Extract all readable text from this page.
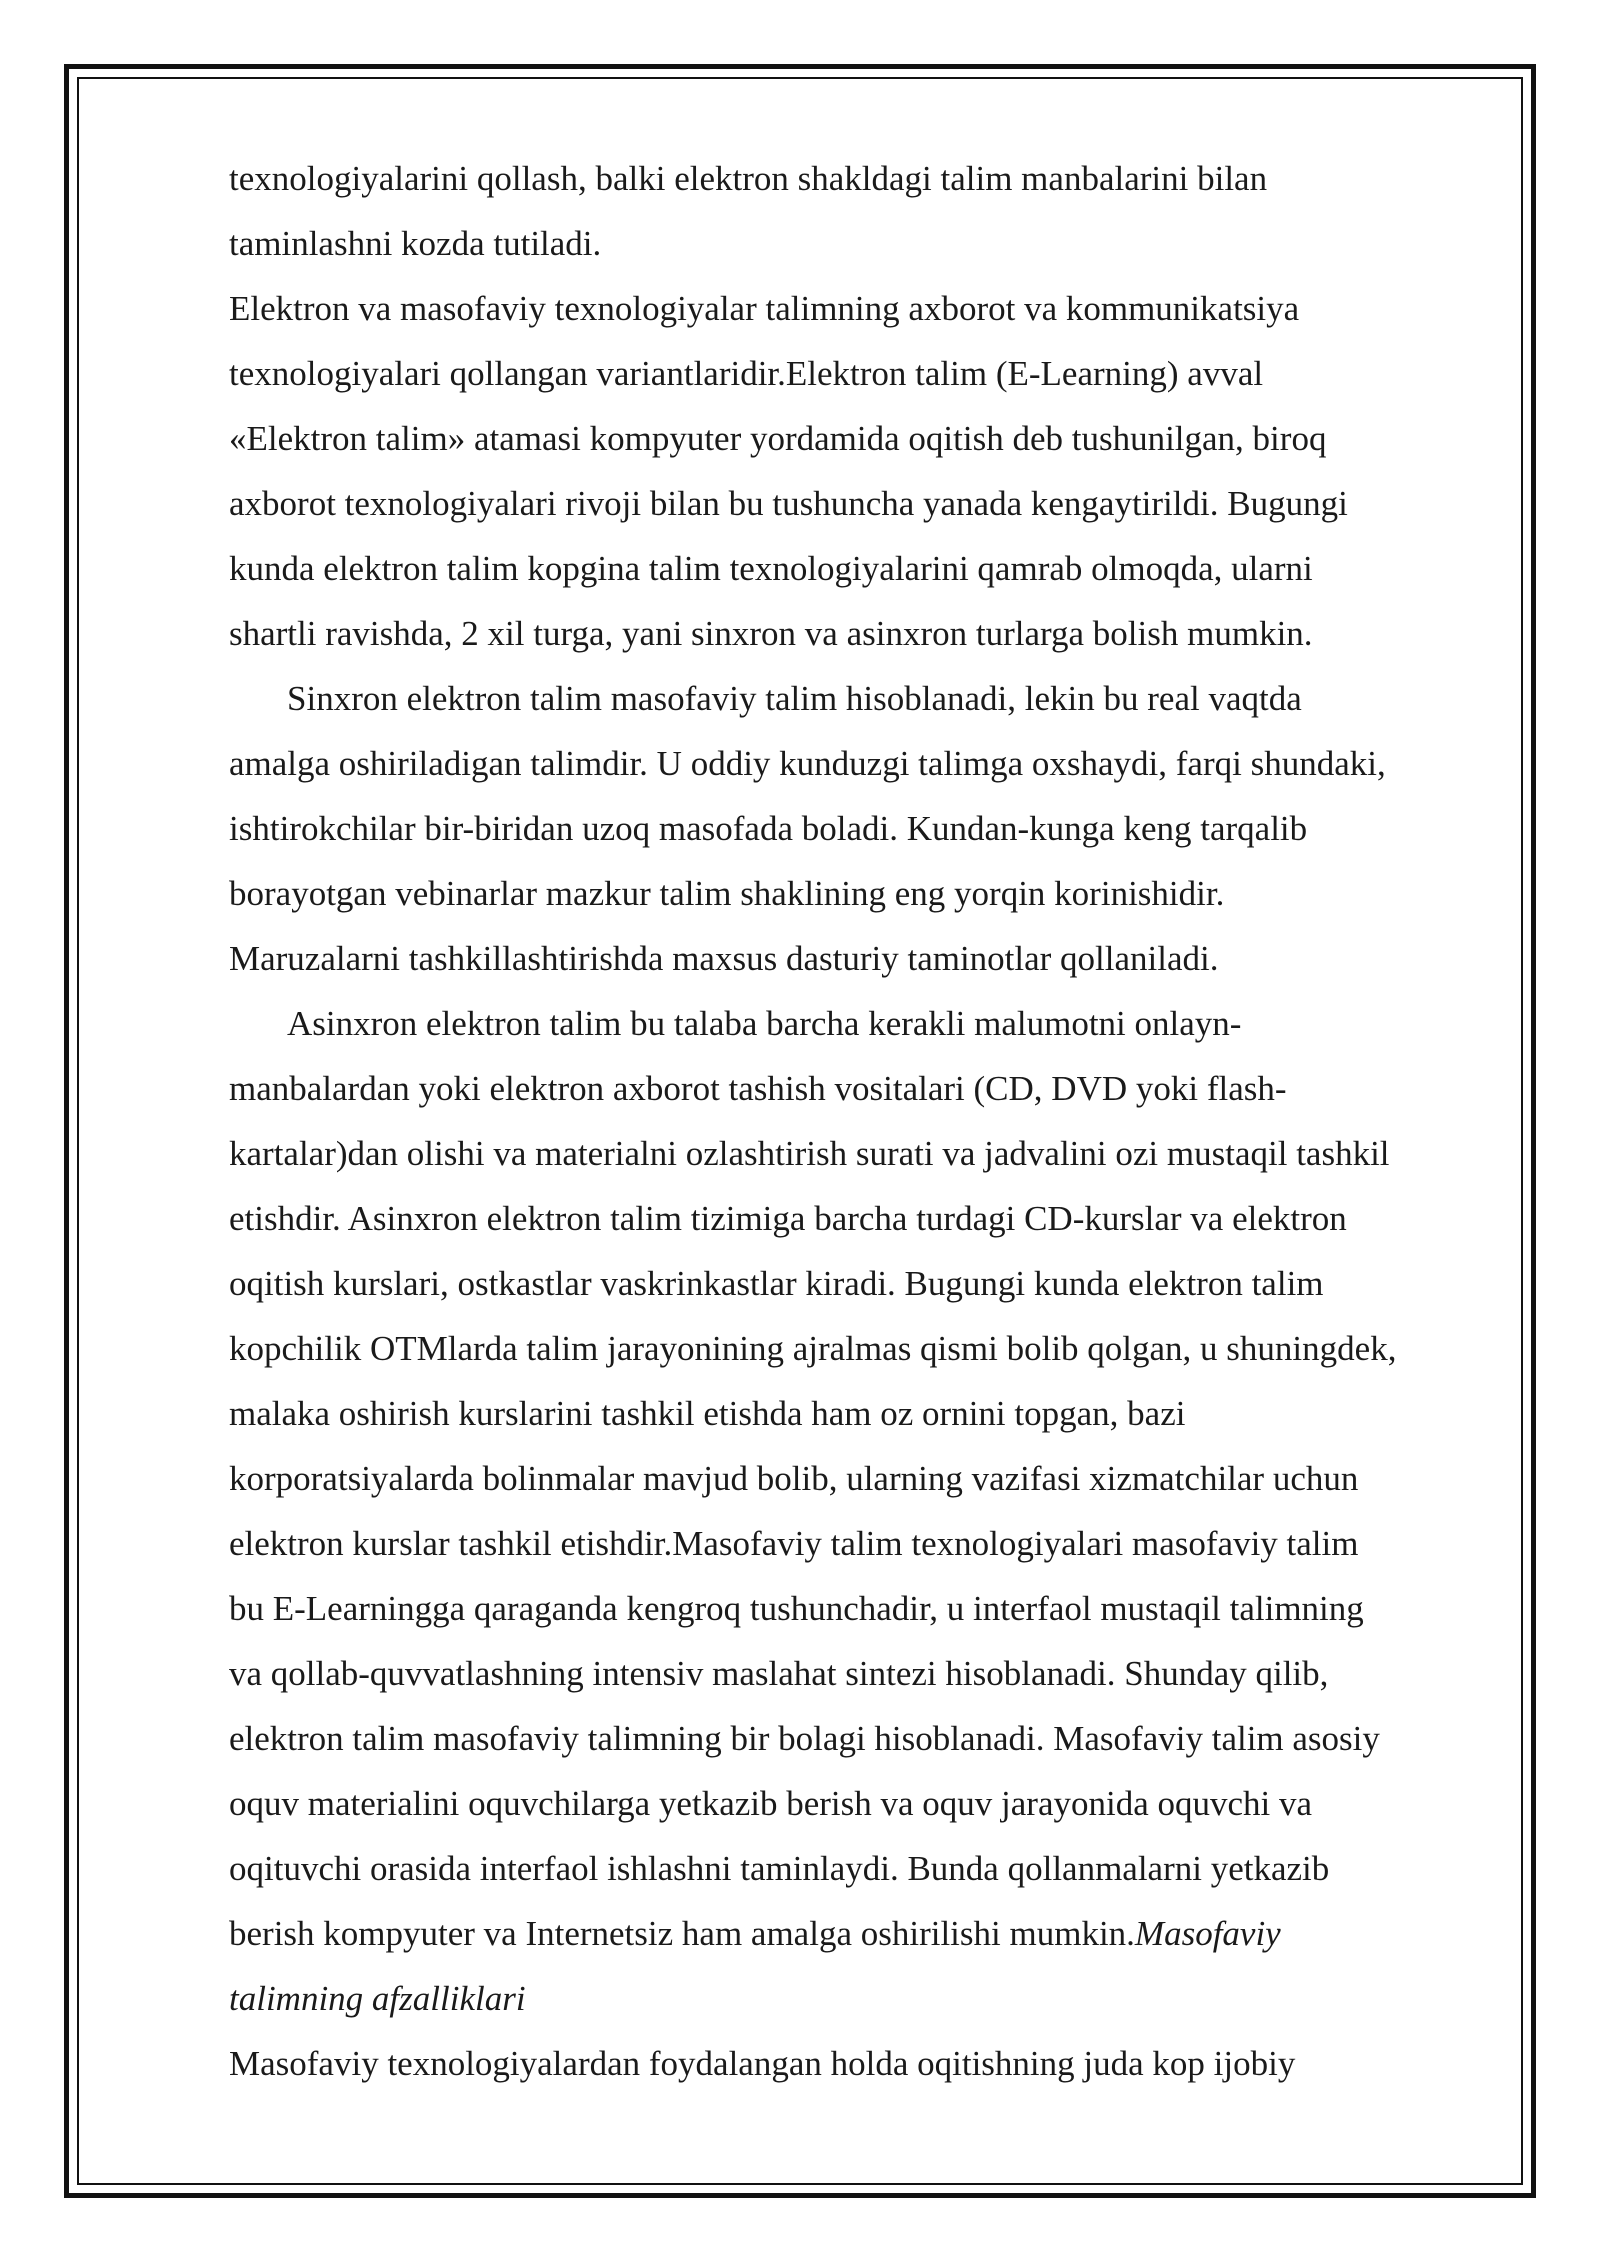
texnologiyalarini qollash, balki elektron shakldagi talim manbalarini bilan
taminlashni kozda tutiladi.

Elektron va masofaviy texnologiyalar talimning axborot va kommunikatsiya
texnologiyalari qollangan variantlaridir.Elektron talim (E-Learning) avval
«Elektron talim» atamasi kompyuter yordamida oqitish deb tushunilgan, biroq
axborot texnologiyalari rivoji bilan bu tushuncha yanada kengaytirildi. Bugungi
kunda elektron talim kopgina talim texnologiyalarini qamrab olmoqda, ularni
shartli ravishda, 2 xil turga, yani sinxron va asinxron turlarga bolish mumkin.

Sinxron elektron talim masofaviy talim hisoblanadi, lekin bu real vaqtda
amalga oshiriladigan talimdir. U oddiy kunduzgi talimga oxshaydi, farqi shundaki,
ishtirokchilar bir-biridan uzoq masofada boladi. Kundan-kunga keng tarqalib
borayotgan vebinarlar mazkur talim shaklining eng yorqin korinishidir.
Maruzalarni tashkillashtirishda maxsus dasturiy taminotlar qollaniladi.

Asinxron elektron talim bu talaba barcha kerakli malumotni onlayn-
manbalardan yoki elektron axborot tashish vositalari (CD, DVD yoki flash-
kartalar)dan olishi va materialni ozlashtirish surati va jadvalini ozi mustaqil tashkil
etishdir. Asinxron elektron talim tizimiga barcha turdagi CD-kurslar va elektron
oqitish kurslari, ostkastlar vaskrinkastlar kiradi. Bugungi kunda elektron talim
kopchilik OTMlarda talim jarayonining ajralmas qismi bolib qolgan, u shuningdek,
malaka oshirish kurslarini tashkil etishda ham oz ornini topgan, bazi
korporatsiyalarda bolinmalar mavjud bolib, ularning vazifasi xizmatchilar uchun
elektron kurslar tashkil etishdir.Masofaviy talim texnologiyalari masofaviy talim
bu E-Learningga qaraganda kengroq tushunchadir, u interfaol mustaqil talimning
va qollab-quvvatlashning intensiv maslahat sintezi hisoblanadi. Shunday qilib,
elektron talim masofaviy talimning bir bolagi hisoblanadi. Masofaviy talim asosiy
oquv materialini oquvchilarga yetkazib berish va oquv jarayonida oquvchi va
oqituvchi orasida interfaol ishlashni taminlaydi. Bunda qollanmalarni yetkazib
berish kompyuter va Internetsiz ham amalga oshirilishi mumkin.Masofaviy
talimning afzalliklari

Masofaviy texnologiyalardan foydalangan holda oqitishning juda kop ijobiy
